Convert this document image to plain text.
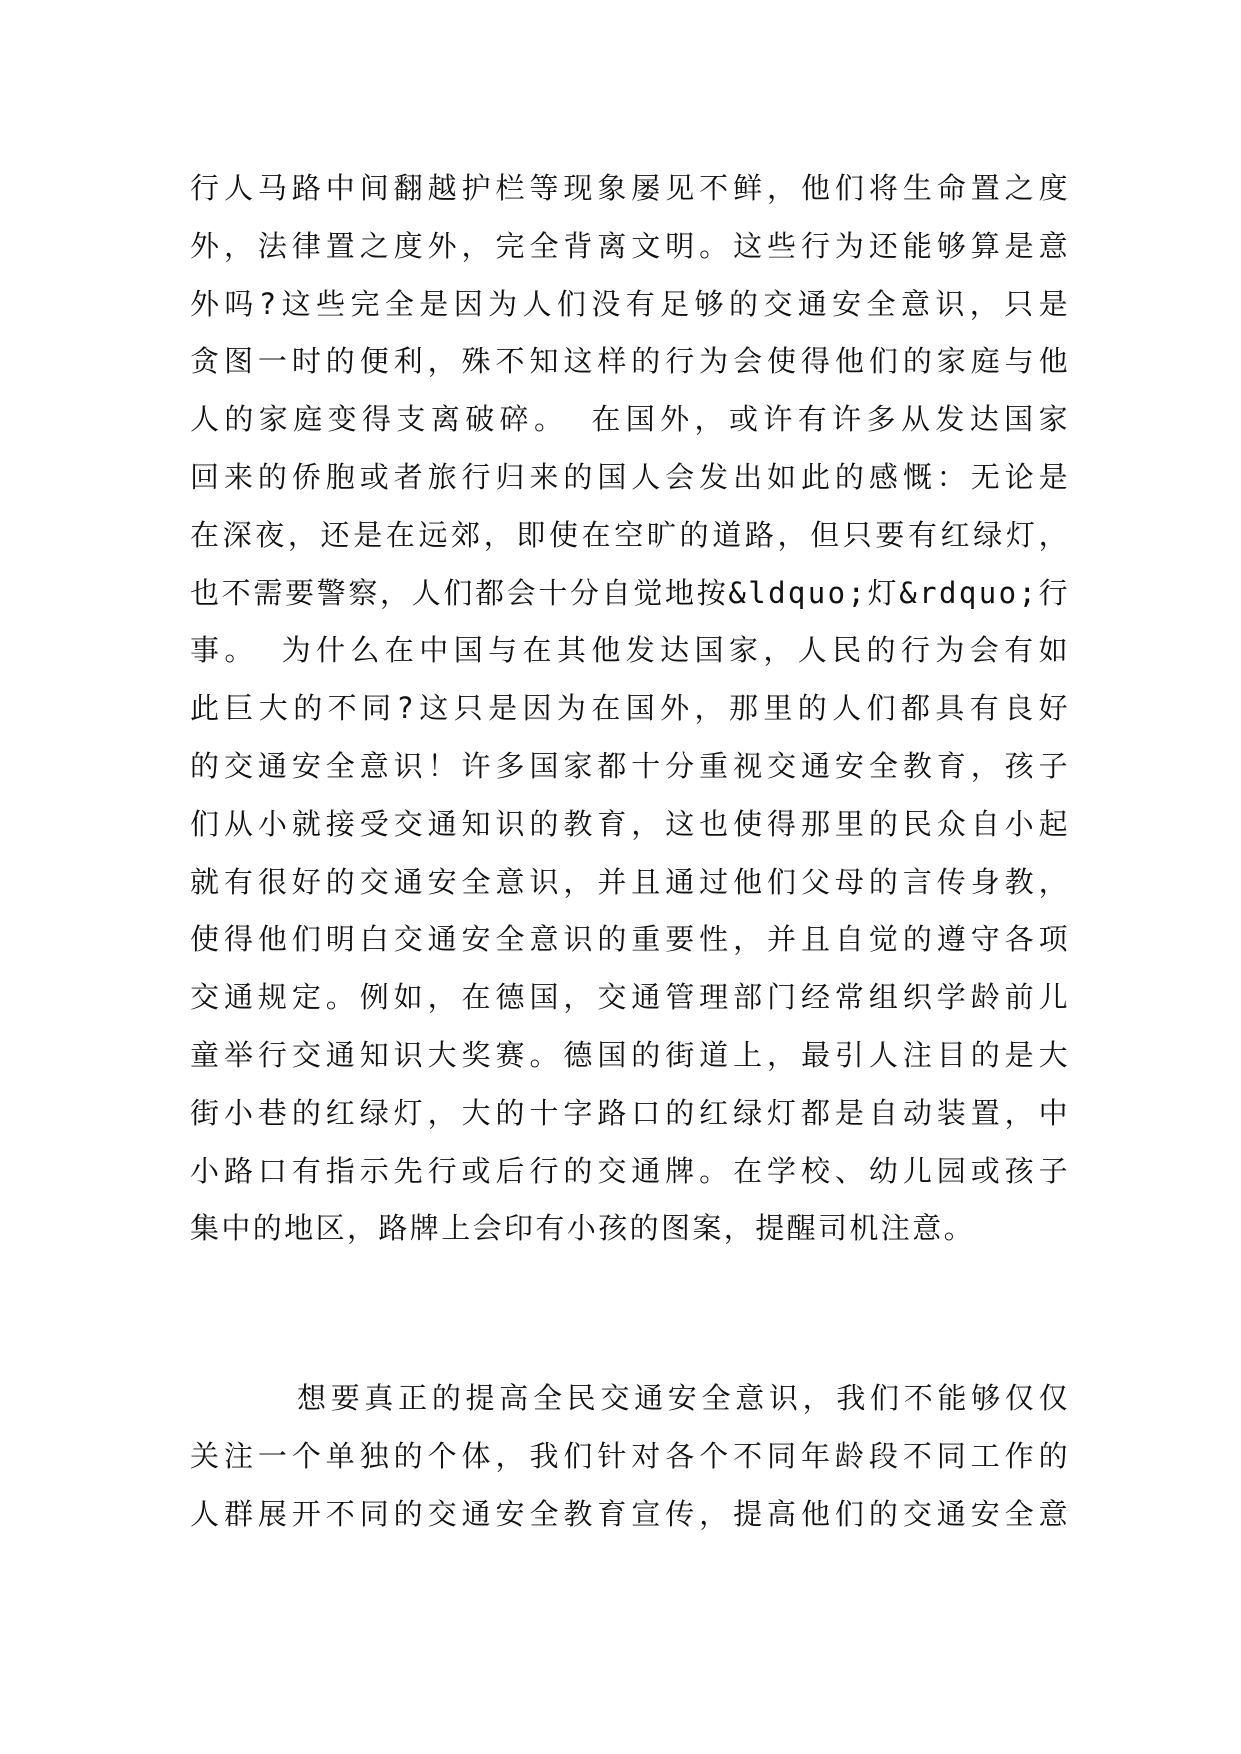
行人马路中间翻越护栏等现象屡见不鲜，他们将生命置之度
外，法律置之度外，完全背离文明。这些行为还能够算是意
外吗?这些完全是因为人们没有足够的交通安全意识，只是
贪图一时的便利，殊不知这样的行为会使得他们的家庭与他
人的家庭变得支离破碎。 在国外，或许有许多从发达国家
回来的侨胞或者旅行归来的国人会发出如此的感慨：无论是
在深夜，还是在远郊，即使在空旷的道路，但只要有红绿灯，
也不需要警察，人们都会十分自觉地按&ldquo;灯&rdquo;行
事。 为什么在中国与在其他发达国家，人民的行为会有如
此巨大的不同?这只是因为在国外，那里的人们都具有良好
的交通安全意识！许多国家都十分重视交通安全教育，孩子
们从小就接受交通知识的教育，这也使得那里的民众自小起
就有很好的交通安全意识，并且通过他们父母的言传身教，
使得他们明白交通安全意识的重要性，并且自觉的遵守各项
交通规定。例如，在德国，交通管理部门经常组织学龄前儿
童举行交通知识大奖赛。德国的街道上，最引人注目的是大
街小巷的红绿灯，大的十字路口的红绿灯都是自动装置，中
小路口有指示先行或后行的交通牌。在学校、幼儿园或孩子
集中的地区，路牌上会印有小孩的图案，提醒司机注意。
想要真正的提高全民交通安全意识，我们不能够仅仅
关注一个单独的个体，我们针对各个不同年龄段不同工作的
人群展开不同的交通安全教育宣传，提高他们的交通安全意
